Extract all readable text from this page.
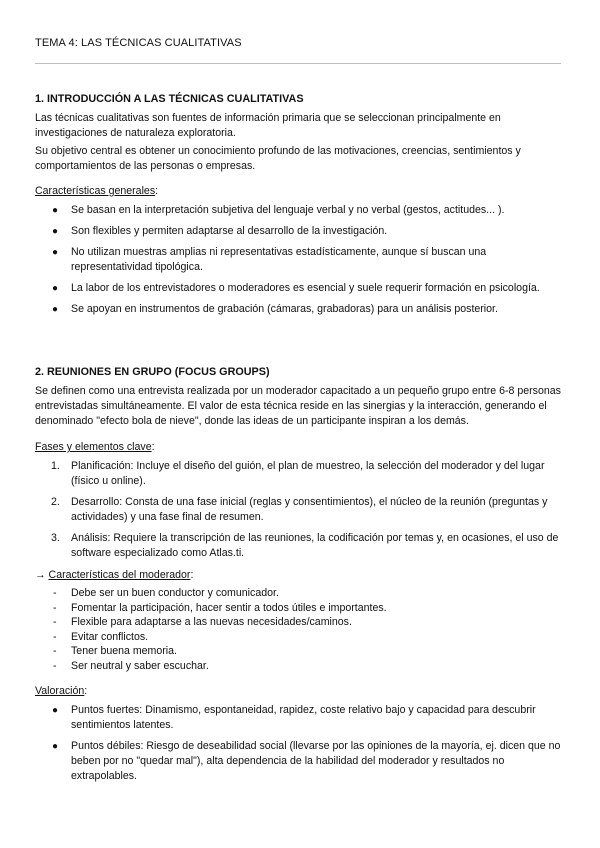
TEMA 4: LAS TÉCNICAS CUALITATIVAS
1. INTRODUCCIÓN A LAS TÉCNICAS CUALITATIVAS

Las técnicas cualitativas son fuentes de información primaria que se seleccionan principalmente en investigaciones de naturaleza exploratoria.

Su objetivo central es obtener un conocimiento profundo de las motivaciones, creencias, sentimientos y comportamientos de las personas o empresas.

Características generales:
● Se basan en la interpretación subjetiva del lenguaje verbal y no verbal (gestos, actitudes... ).
● Son flexibles y permiten adaptarse al desarrollo de la investigación.
● No utilizan muestras amplias ni representativas estadísticamente, aunque sí buscan una representatividad tipológica.
● La labor de los entrevistadores o moderadores es esencial y suele requerir formación en psicología.
● Se apoyan en instrumentos de grabación (cámaras, grabadoras) para un análisis posterior.
2. REUNIONES EN GRUPO (FOCUS GROUPS)

Se definen como una entrevista realizada por un moderador capacitado a un pequeño grupo entre 6-8 personas entrevistadas simultáneamente. El valor de esta técnica reside en las sinergias y la interacción, generando el denominado "efecto bola de nieve", donde las ideas de un participante inspiran a los demás.

Fases y elementos clave:
1. Planificación: Incluye el diseño del guión, el plan de muestreo, la selección del moderador y del lugar (físico u online).
2. Desarrollo: Consta de una fase inicial (reglas y consentimientos), el núcleo de la reunión (preguntas y actividades) y una fase final de resumen.
3. Análisis: Requiere la transcripción de las reuniones, la codificación por temas y, en ocasiones, el uso de software especializado como Atlas.ti.
→ Características del moderador:
- Debe ser un buen conductor y comunicador.
- Fomentar la participación, hacer sentir a todos útiles e importantes.
- Flexible para adaptarse a las nuevas necesidades/caminos.
- Evitar conflictos.
- Tener buena memoria.
- Ser neutral y saber escuchar.
Valoración:
● Puntos fuertes: Dinamismo, espontaneidad, rapidez, coste relativo bajo y capacidad para descubrir sentimientos latentes.
● Puntos débiles: Riesgo de deseabilidad social (llevarse por las opiniones de la mayoría, ej. dicen que no beben por no "quedar mal"), alta dependencia de la habilidad del moderador y resultados no extrapolables.
